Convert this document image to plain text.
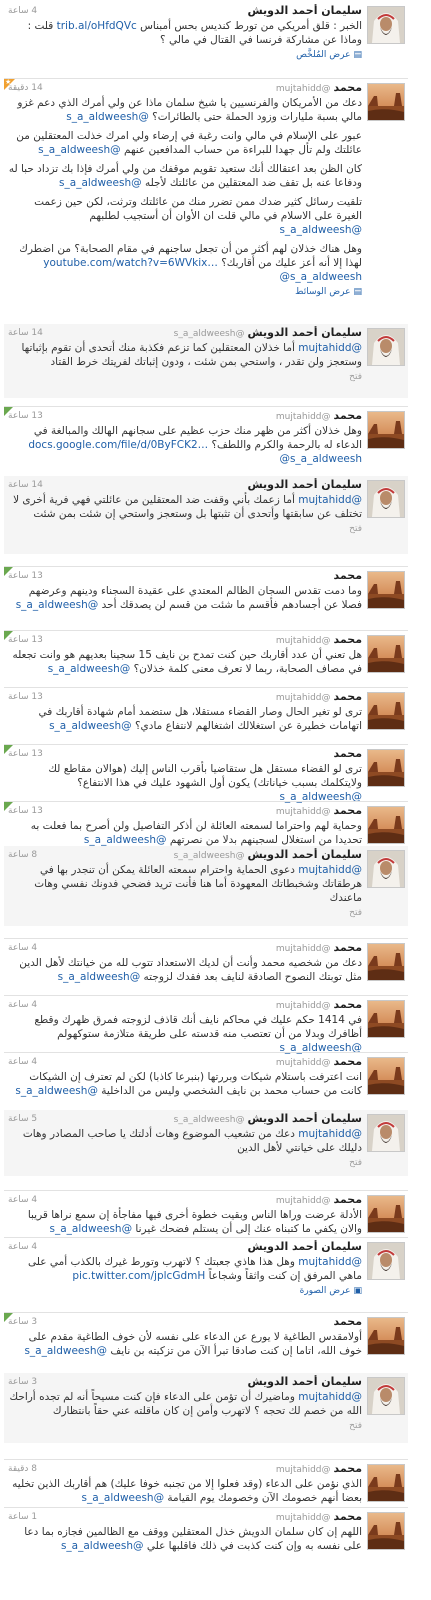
سليمان أحمد الدويش
4 ساعة

الخبر : قلق أمريكي من تورط كنديس بحس أمبناس trib.al/oHfdQVc قلت : وماذا عن مشاركة فرنسا في القتال في مالي ؟

▤عرض المُلخَّص
★	محمد@mujtahidd
14 دقيقة

دعك من الأمريكان والفرنسيين يا شيخ سلمان ماذا عن ولي أمرك الذي دعم غزو مالي بسبة مليارات وزود الحملة حتى بالطائرات؟ @s_a_aldweesh

عبور على الإسلام في مالي وانت رغبة في إرضاء ولي امرك خذلت المعتقلين من عائلتك ولم تأل جهدا للبراءة من حساب المدافعين عنهم @s_a_aldweesh

كان الظن بعد اعتقالك أنك ستعيد تقويم موقفك من ولي أمرك فإذا بك تزداد حبا له ودفاعا عنه بل تقف ضد المعتقلين من عائلتك لأجله @s_a_aldweesh

تلقيت رسائل كثير ضدك ممن تضرر منك من عائلتك وترثت، لكن حين زعمت الغيرة على الاسلام في مالي قلت ان الأوان أن أستجيب لطلبهم @s_a_aldweesh

وهل هناك خذلان لهم أكثر من أن تجعل ساجنهم في مقام الصحابة؟ من اضطرك لهذا إلا أنه أعز عليك من أقاربك؟ youtube.com/watch?v=6WVkix… @s_a_aldweesh

▤عرض الوسائط
سليمان أحمد الدويش@s_a_aldweesh
14 ساعة

@mujtahidd أما خذلان المعتقلين كما تزعم فكذبة منك أتحدى أن تقوم بإثباتها وستعجز ولن تقدر ، واستحي بمن شئت ، ودون إثباتك لفريتك خرط القتاد

فتح
محمد@mujtahidd
13 ساعة

وهل خذلان أكثر من ظهر منك حزب عظيم على سجانهم الهالك والمبالغة في الدعاء له بالرحمة والكرم واللطف؟ docs.google.com/file/d/0ByFCK2… @s_a_aldweesh

سليمان أحمد الدويش
14 ساعة

@mujtahidd أما زعمك بأني وقفت ضد المعتقلين من عائلتي فهي فرية أخرى لا تختلف عن سابقتها وأتحدى أن تثبتها بل وستعجز واستحي إن شئت بمن شئت

فتح
محمد
13 ساعة

وما دمت تقدس السجان الظالم المعتدي على عقيدة السجناء ودينهم وعرضهم فصلا عن أجسادهم فأقسم ما شئت من قسم لن يصدقك أحد @s_a_aldweesh

محمد@mujtahidd
13 ساعة

هل تعني أن عدد أقاربك حين كنت تمدح بن نايف 15 سجينا بعديهم هو وانت تجعله في مصاف الصحابة، ربما لا تعرف معنى كلمة خذلان؟ @s_a_aldweesh

محمد@mujtahidd
13 ساعة

ترى لو تغير الحال وصار القضاء مستقلا، هل ستضمد أمام شهادة أقاربك في اتهامات خطيرة عن استغلالك اشتغالهم لانتفاع مادي؟ @s_a_aldweesh

محمد
13 ساعة

ترى لو القضاء مستقل هل ستقاضيا بأقرب الناس إليك (هوالان مقاطع لك ولايتكلمك بسبب خياناتك) يكون أول الشهود عليك في هذا الانتفاع؟ @s_a_aldweesh

محمد@mujtahidd
13 ساعة

وحماية لهم واحتراما لسمعته العائلة لن أذكر التفاصيل ولن أصرح بما فعلت به تحديدا من استغلال لسجينهم بدلا من نصرتهم @s_a_aldweesh

سليمان أحمد الدويش@s_a_aldweesh
8 ساعة

@mujtahidd دعوى الحماية واحترام سمعته العائلة يمكن أن تنجدر بها في هرطقاتك وشخبطاتك المعهودة أما هنا فأنت تريد فضحي فدونك نفسي وهات ماعندك

فتح
محمد@mujtahidd
4 ساعة

دعك من شخصيه محمد وأنت أن لديك الاستعداد تتوب لله من خيانتك لأهل الدين مثل توبتك النصوح الصادقة لنايف بعد فقدك لزوجته @s_a_aldweesh

محمد@mujtahidd
4 ساعة

في 1414 حكم عليك في محاكم نايف أنك قاذف لزوجته فمرق ظهرك وقطع أظافرك وبدلا من أن تعتصب منه قدسته على طريقة متلازمة ستوكهولم @s_a_aldweesh

محمد@mujtahidd
4 ساعة

انت اعترفت باستلام شيكات وبررتها (بنبرعا كاذبا) لكن لم تعترف إن الشيكات كانت من حساب محمد بن نايف الشخصي وليس من الداخلية @s_a_aldweesh

سليمان أحمد الدويش@s_a_aldweesh
5 ساعة

@mujtahidd دعك من تشعيب الموضوع وهات أدلتك يا صاحب المصادر وهات دليلك على خيانتي لأهل الدين

فتح
محمد@mujtahidd
4 ساعة

الأدلة عرضت وراها الناس وبقيت خطوة أخرى فيها مفاجأة إن سمع نراها قريبا والان يكفي ما كتبناه عنك إلى أن يستلم فضحك غيرنا @s_a_aldweesh

سليمان أحمد الدويش
4 ساعة

@mujtahidd وهل هذا هاذي جعبتك ؟ لاتهرب وتورط غيرك بالكذب أمي على ماهي المرفق إن كنت واثقاً وشجاعاً pic.twitter.com/jplcGdmH

▣عرض الصورة
محمد
3 ساعة

أولامقدس الطاغية لا يورع عن الدعاء على نفسه لأن خوف الطاغية مقدم على خوف الله، اتاما إن كنت صادقا تبرأ الآن من تزكيته بن نايف @s_a_aldweesh

سليمان أحمد الدويش
3 ساعة

@mujtahidd وماضيرك أن تؤمن على الدعاء فإن كنت مسيحاً أنه لم تجده أراحك الله من خصم لك تحجه ؟ لاتهرب وأمن إن كان ماقلته عني حقاً بانتظارك

فتح
محمد@mujtahidd
8 دقيقة

الذي نؤمن على الدعاء (وقد فعلوا إلا من تجنبه خوفا عليك) هم أقاربك الذين تخليه بعضا أنهم خصومك الآن وخصومك يوم القيامة @s_a_aldweesh

محمد@mujtahidd
1 ساعة

اللهم إن كان سلمان الدويش خذل المعتقلين ووقف مع الظالمين فجازه بما دعا على نفسه به وإن كنت كذبت في ذلك فاقلبها علي @s_a_aldweesh
